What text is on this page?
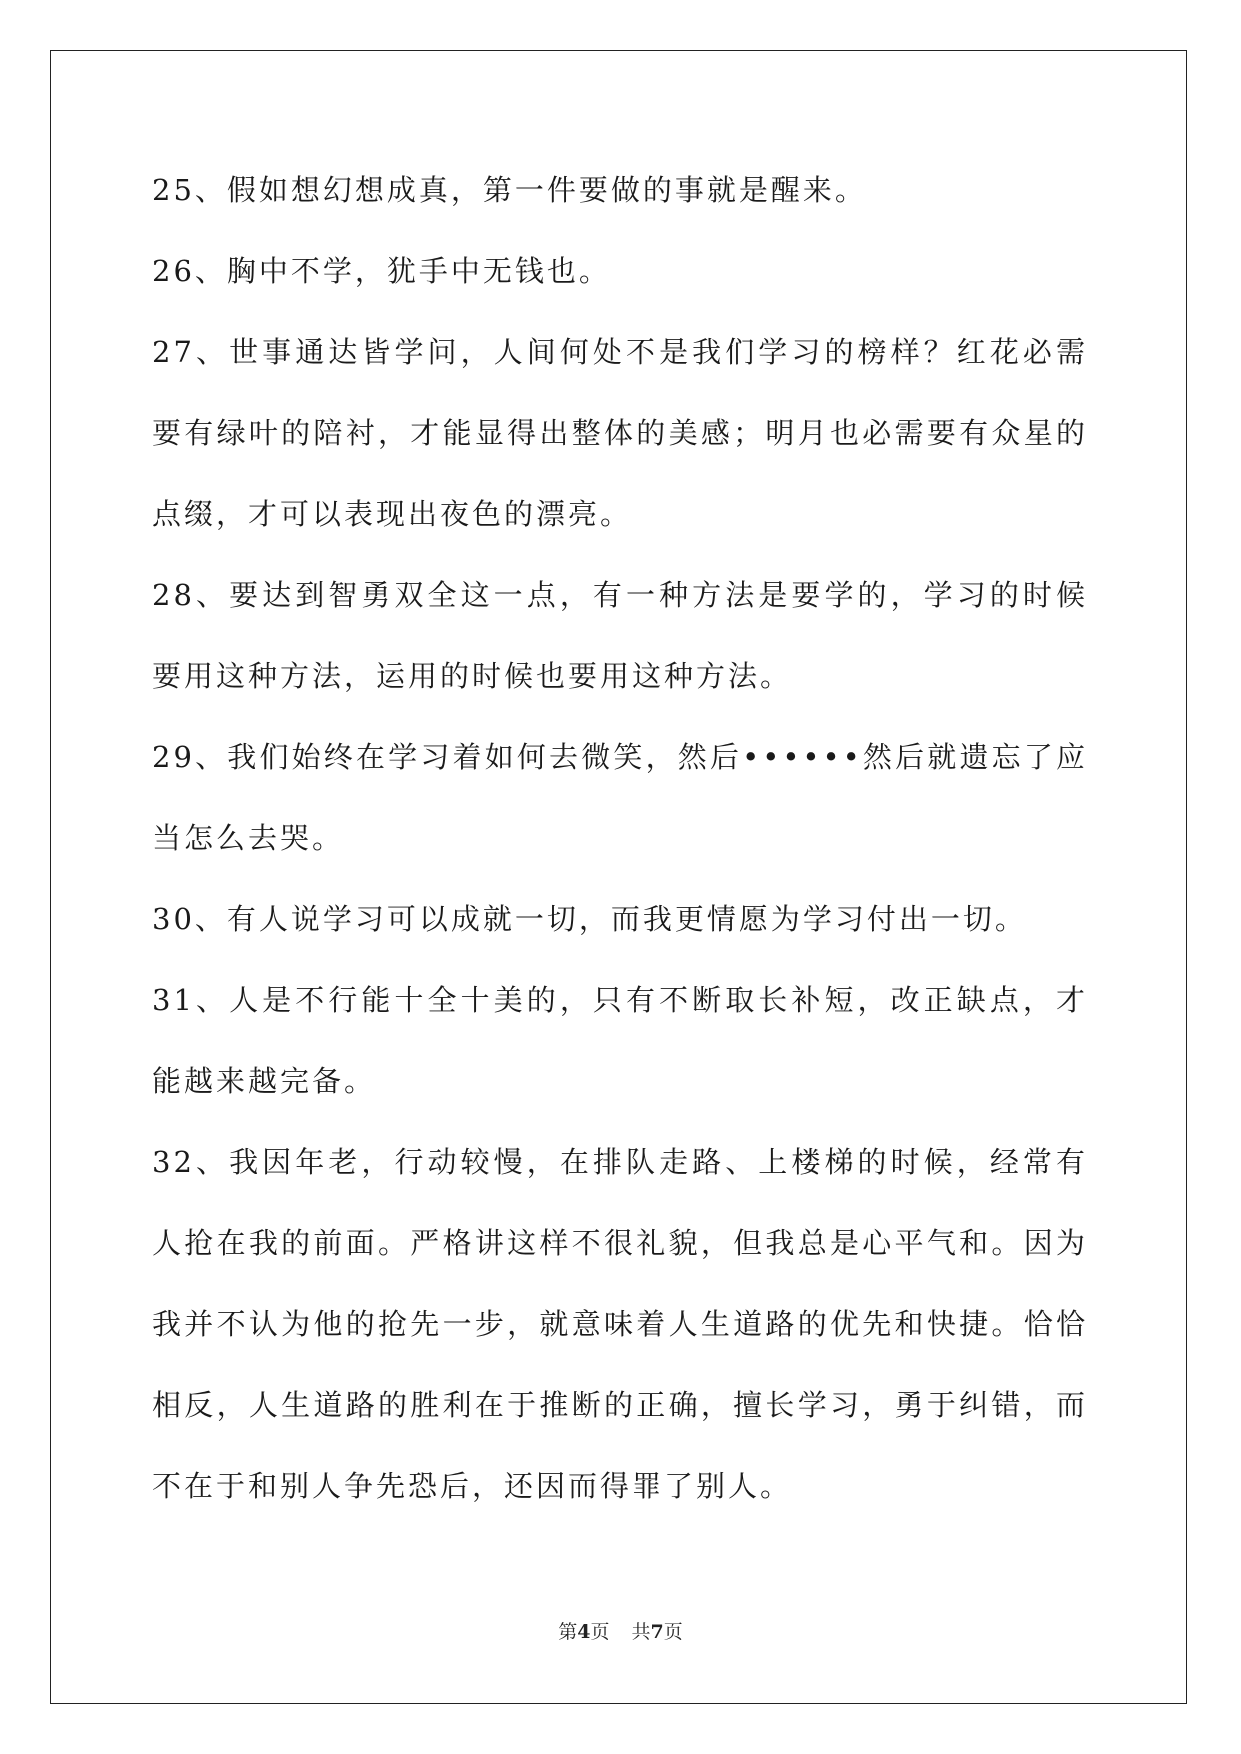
25、假如想幻想成真，第一件要做的事就是醒来。

26、胸中不学，犹手中无钱也。

27、世事通达皆学问，人间何处不是我们学习的榜样？红花必需要有绿叶的陪衬，才能显得出整体的美感；明月也必需要有众星的点缀，才可以表现出夜色的漂亮。

28、要达到智勇双全这一点，有一种方法是要学的，学习的时候要用这种方法，运用的时候也要用这种方法。

29、我们始终在学习着如何去微笑，然后••••••然后就遗忘了应当怎么去哭。

30、有人说学习可以成就一切，而我更情愿为学习付出一切。

31、人是不行能十全十美的，只有不断取长补短，改正缺点，才能越来越完备。

32、我因年老，行动较慢，在排队走路、上楼梯的时候，经常有人抢在我的前面。严格讲这样不很礼貌，但我总是心平气和。因为我并不认为他的抢先一步，就意味着人生道路的优先和快捷。恰恰相反，人生道路的胜利在于推断的正确，擅长学习，勇于纠错，而不在于和别人争先恐后，还因而得罪了别人。

第4页 共7页
